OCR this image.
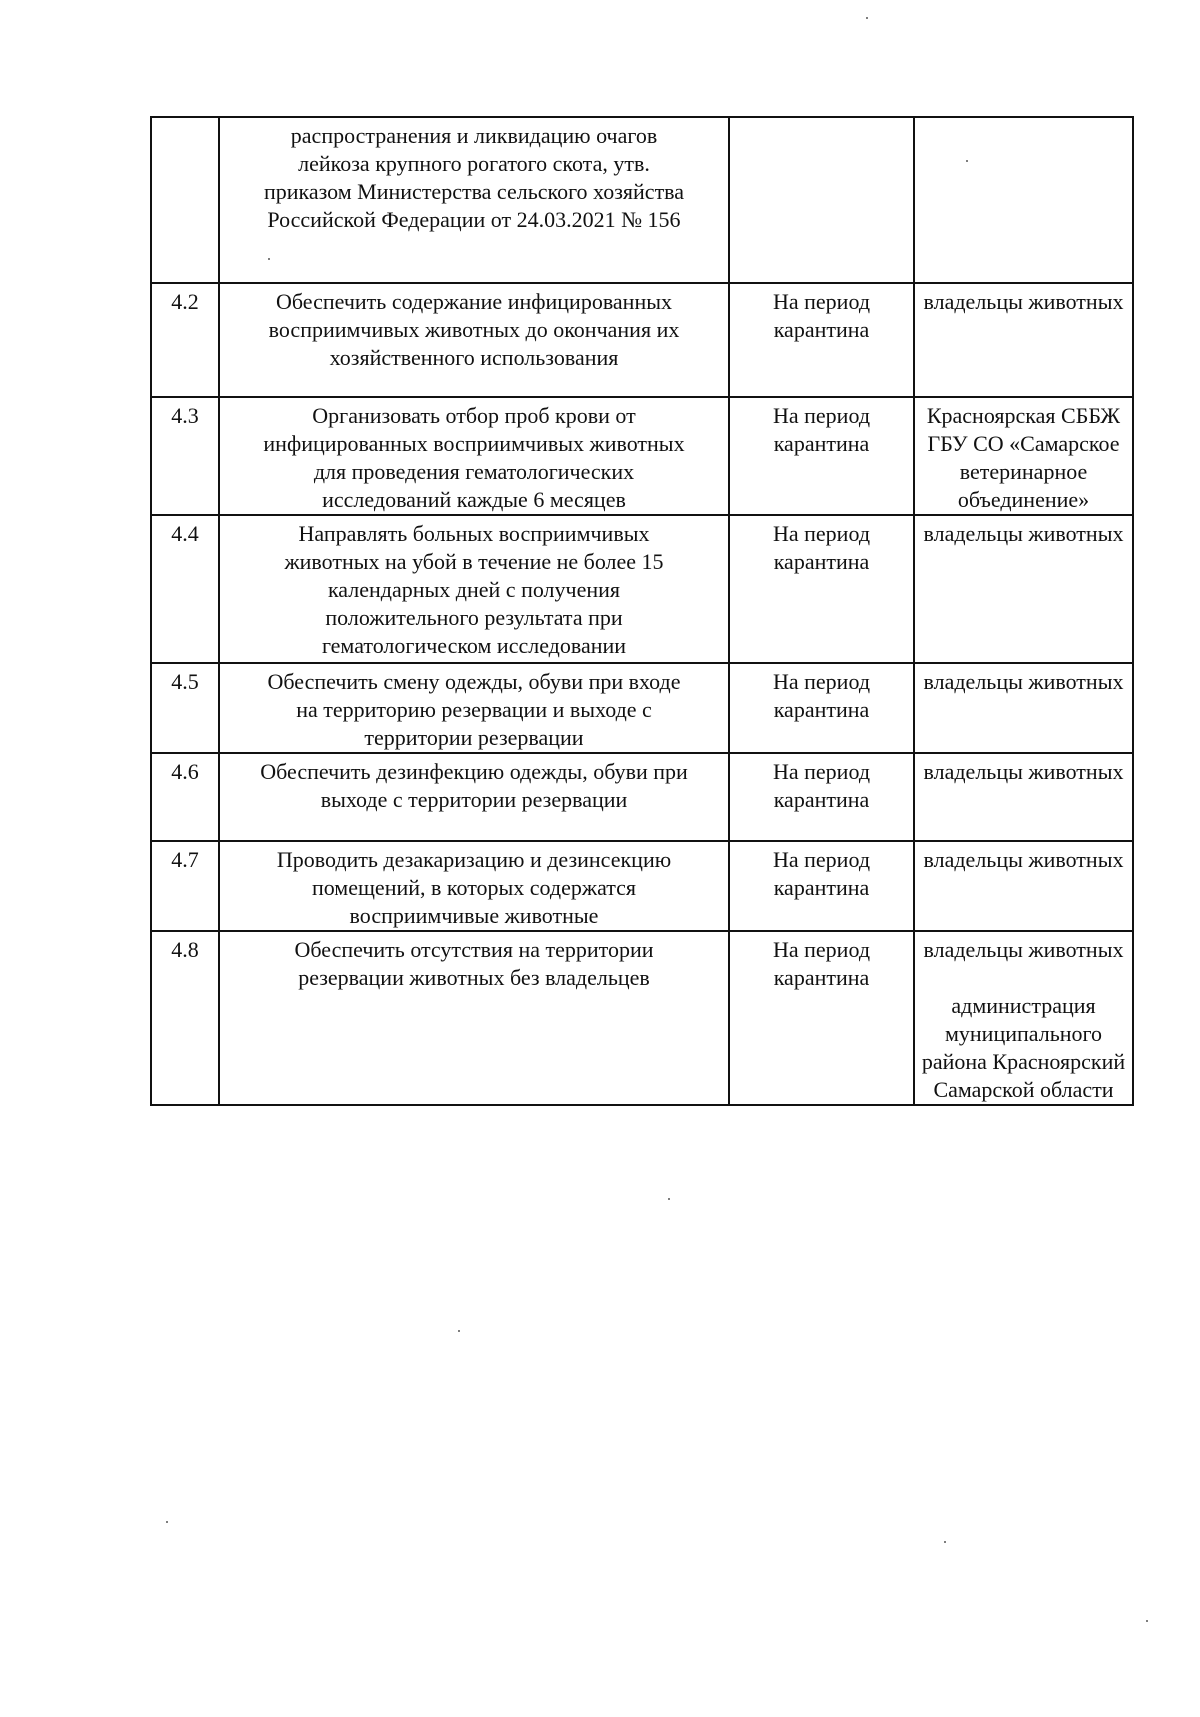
	распространения и ликвидацию очагов
лейкоза крупного рогатого скота, утв.
приказом Министерства сельского хозяйства
Российской Федерации от 24.03.2021 № 156		
4.2	Обеспечить содержание инфицированных
восприимчивых животных до окончания их
хозяйственного использования	На период
карантина	владельцы животных
4.3	Организовать отбор проб крови от
инфицированных восприимчивых животных
для проведения гематологических
исследований каждые 6 месяцев	На период
карантина	Красноярская СББЖ
ГБУ СО «Самарское
ветеринарное
объединение»
4.4	Направлять больных восприимчивых
животных на убой в течение не более 15
календарных дней с получения
положительного результата при
гематологическом исследовании	На период
карантина	владельцы животных
4.5	Обеспечить смену одежды, обуви при входе
на территорию резервации и выходе с
территории резервации	На период
карантина	владельцы животных
4.6	Обеспечить дезинфекцию одежды, обуви при
выходе с территории резервации	На период
карантина	владельцы животных
4.7	Проводить дезакаризацию и дезинсекцию
помещений, в которых содержатся
восприимчивые животные	На период
карантина	владельцы животных
4.8	Обеспечить отсутствия на территории
резервации животных без владельцев	На период
карантина	владельцы животных
администрация
муниципального
района Красноярский
Самарской области
